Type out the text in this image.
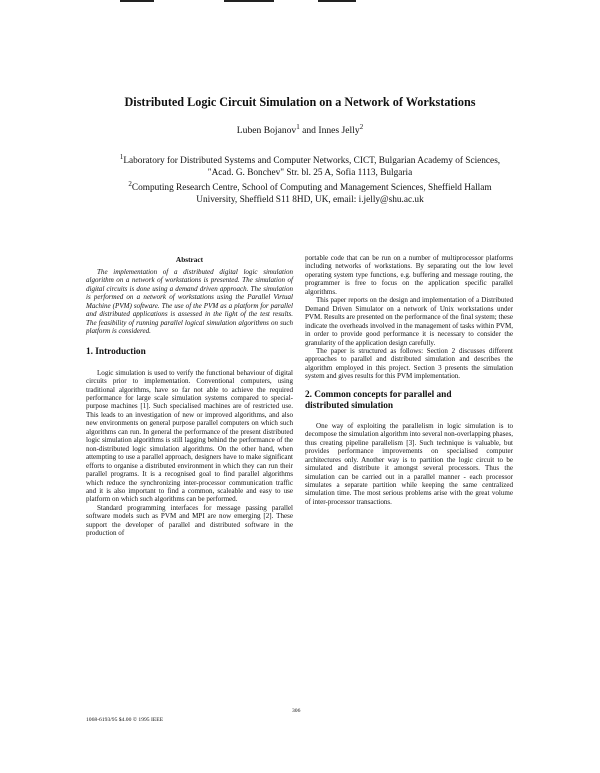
Distributed Logic Circuit Simulation on a Network of Workstations
Luben Bojanov$^1$ and Innes Jelly$^2$
$^1$Laboratory for Distributed Systems and Computer Networks, CICT, Bulgarian Academy of Sciences,
"Acad. G. Bonchev" Str. bl. 25 A, Sofia 1113, Bulgaria
$^2$Computing Research Centre, School of Computing and Management Sciences, Sheffield Hallam
University, Sheffield S11 8HD, UK, email: i.jelly@shu.ac.uk
Abstract

The implementation of a distributed digital logic simulation algorithm on a network of workstations is presented. The simulation of digital circuits is done using a demand driven approach. The simulation is performed on a network of workstations using the Parallel Virtual Machine (PVM) software. The use of the PVM as a platform for parallel and distributed applications is assessed in the light of the test results. The feasibility of running parallel logical simulation algorithms on such platform is considered.

1. Introduction

Logic simulation is used to verify the functional behaviour of digital circuits prior to implementation. Conventional computers, using traditional algorithms, have so far not able to achieve the required performance for large scale simulation systems compared to special-purpose machines [1]. Such specialised machines are of restricted use. This leads to an investigation of new or improved algorithms, and also new environments on general purpose parallel computers on which such algorithms can run. In general the performance of the present distributed logic simulation algorithms is still lagging behind the performance of the non-distributed logic simulation algorithms. On the other hand, when attempting to use a parallel approach, designers have to make significant efforts to organise a distributed environment in which they can run their parallel programs. It is a recognised goal to find parallel algorithms which reduce the synchronizing inter-processor communication traffic and it is also important to find a common, scaleable and easy to use platform on which such algorithms can be performed.

Standard programming interfaces for message passing parallel software models such as PVM and MPI are now emerging [2]. These support the developer of parallel and distributed software in the production of

portable code that can be run on a number of multiprocessor platforms including networks of workstations. By separating out the low level operating system type functions, e.g. buffering and message routing, the programmer is free to focus on the application specific parallel algorithms.

This paper reports on the design and implementation of a Distributed Demand Driven Simulator on a network of Unix workstations under PVM. Results are presented on the performance of the final system; these indicate the overheads involved in the management of tasks within PVM, in order to provide good performance it is necessary to consider the granularity of the application design carefully.

The paper is structured as follows: Section 2 discusses different approaches to parallel and distributed simulation and describes the algorithm employed in this project. Section 3 presents the simulation system and gives results for this PVM implementation.

2. Common concepts for parallel and

distributed simulation

One way of exploiting the parallelism in logic simulation is to decompose the simulation algorithm into several non-overlapping phases, thus creating pipeline parallelism [3]. Such technique is valuable, but provides performance improvements on specialised computer architectures only. Another way is to partition the logic circuit to be simulated and distribute it amongst several processors. Thus the simulation can be carried out in a parallel manner - each processor simulates a separate partition while keeping the same centralized simulation time. The most serious problems arise with the great volume of inter-processor transactions.

306
1068-6193/95 $4.00 © 1995 IEEE
